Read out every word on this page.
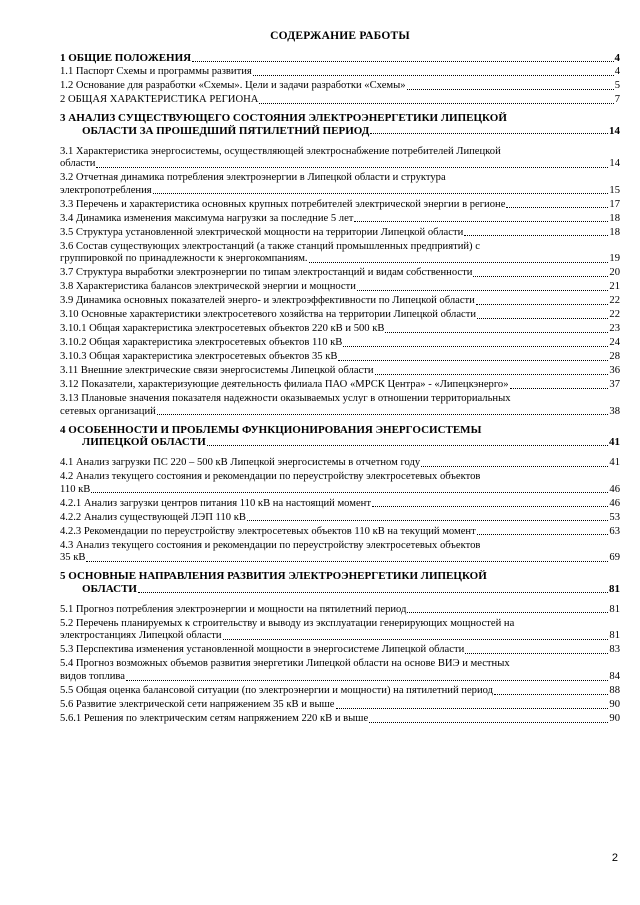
СОДЕРЖАНИЕ РАБОТЫ
1 ОБЩИЕ ПОЛОЖЕНИЯ	4
1.1 Паспорт Схемы и программы развития	4
1.2 Основание для разработки «Схемы». Цели и задачи разработки «Схемы»	5
2 ОБЩАЯ ХАРАКТЕРИСТИКА РЕГИОНА	7
3 АНАЛИЗ СУЩЕСТВУЮЩЕГО СОСТОЯНИЯ ЭЛЕКТРОЭНЕРГЕТИКИ ЛИПЕЦКОЙ
ОБЛАСТИ ЗА ПРОШЕДШИЙ ПЯТИЛЕТНИЙ ПЕРИОД	14
3.1 Характеристика энергосистемы, осуществляющей электроснабжение потребителей Липецкой
области	14
3.2 Отчетная динамика потребления электроэнергии в Липецкой области и структура
электропотребления	15
3.3 Перечень и характеристика основных крупных потребителей электрической энергии в регионе	17
3.4 Динамика изменения максимума нагрузки за последние 5 лет	18
3.5 Структура установленной электрической мощности на территории Липецкой области	18
3.6 Состав существующих электростанций (а также станций промышленных предприятий) с
группировкой по принадлежности к энергокомпаниям.	19
3.7 Структура выработки электроэнергии по типам электростанций и видам собственности	20
3.8 Характеристика балансов электрической энергии и мощности	21
3.9 Динамика основных показателей энерго- и электроэффективности по Липецкой области	22
3.10 Основные характеристики электросетевого хозяйства на территории Липецкой области	22
3.10.1 Общая характеристика электросетевых объектов 220 кВ и 500 кВ	23
3.10.2 Общая характеристика электросетевых объектов 110 кВ	24
3.10.3 Общая характеристика электросетевых объектов 35 кВ	28
3.11 Внешние электрические связи энергосистемы Липецкой области	36
3.12 Показатели, характеризующие деятельность филиала ПАО «МРСК Центра» - «Липецкэнерго»	37
3.13 Плановые значения показателя надежности оказываемых услуг в отношении территориальных
сетевых организаций	38
4 ОСОБЕННОСТИ И ПРОБЛЕМЫ ФУНКЦИОНИРОВАНИЯ ЭНЕРГОСИСТЕМЫ
ЛИПЕЦКОЙ ОБЛАСТИ	41
4.1 Анализ загрузки ПС 220 – 500 кВ Липецкой энергосистемы в отчетном году	41
4.2 Анализ текущего состояния и рекомендации по переустройству электросетевых объектов
110 кВ	46
4.2.1 Анализ загрузки центров питания 110 кВ на настоящий момент	46
4.2.2 Анализ существующей ЛЭП 110 кВ	53
4.2.3 Рекомендации по переустройству электросетевых объектов 110 кВ на текущий момент	63
4.3 Анализ текущего состояния и рекомендации по переустройству электросетевых объектов
35 кВ	69
5 ОСНОВНЫЕ НАПРАВЛЕНИЯ РАЗВИТИЯ ЭЛЕКТРОЭНЕРГЕТИКИ ЛИПЕЦКОЙ
ОБЛАСТИ	81
5.1 Прогноз потребления электроэнергии и мощности на пятилетний период	81
5.2 Перечень планируемых к строительству и выводу из эксплуатации генерирующих мощностей на
электростанциях Липецкой области	81
5.3 Перспектива изменения установленной мощности в энергосистеме Липецкой области	83
5.4 Прогноз возможных объемов развития энергетики Липецкой области на основе ВИЭ и местных
видов топлива	84
5.5 Общая оценка балансовой ситуации (по электроэнергии и мощности) на пятилетний период	88
5.6 Развитие электрической сети напряжением 35 кВ и выше	90
5.6.1 Решения по электрическим сетям напряжением 220 кВ и выше	90
2
